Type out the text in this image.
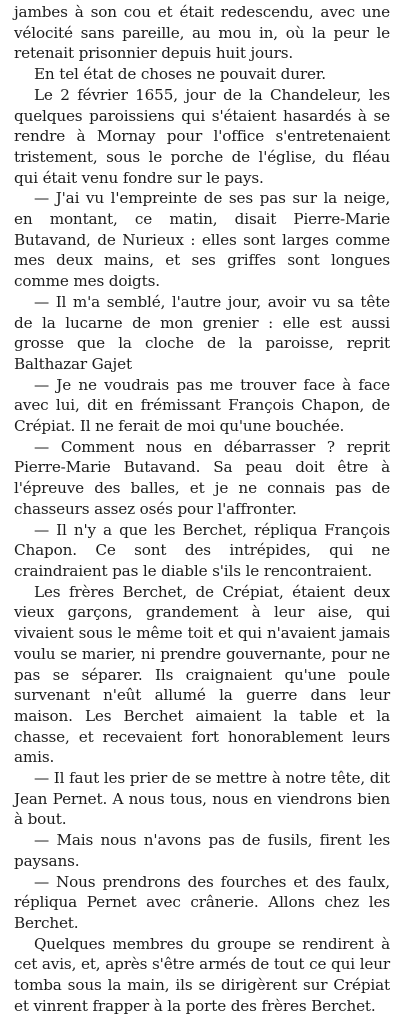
jambes à son cou et était redescendu, avec une vélocité sans pareille, au mou in, où la peur le retenait prisonnier depuis huit jours.

En tel état de choses ne pouvait durer.

Le 2 février 1655, jour de la Chandeleur, les quelques paroissiens qui s'étaient hasardés à se rendre à Mornay pour l'office s'entretenaient tristement, sous le porche de l'église, du fléau qui était venu fondre sur le pays.

— J'ai vu l'empreinte de ses pas sur la neige, en montant, ce matin, disait Pierre-Marie Butavand, de Nurieux : elles sont larges comme mes deux mains, et ses griffes sont longues comme mes doigts.

— Il m'a semblé, l'autre jour, avoir vu sa tête de la lucarne de mon grenier : elle est aussi grosse que la cloche de la paroisse, reprit Balthazar Gajet

— Je ne voudrais pas me trouver face à face avec lui, dit en frémissant François Chapon, de Crépiat. Il ne ferait de moi qu'une bouchée.

— Comment nous en débarrasser ? reprit Pierre-Marie Butavand. Sa peau doit être à l'épreuve des balles, et je ne connais pas de chasseurs assez osés pour l'affronter.

— Il n'y a que les Berchet, répliqua François Chapon. Ce sont des intrépides, qui ne craindraient pas le diable s'ils le rencontraient.

Les frères Berchet, de Crépiat, étaient deux vieux garçons, grandement à leur aise, qui vivaient sous le même toit et qui n'avaient jamais voulu se marier, ni prendre gouvernante, pour ne pas se séparer. Ils craignaient qu'une poule survenant n'eût allumé la guerre dans leur maison. Les Berchet aimaient la table et la chasse, et recevaient fort honorablement leurs amis.

— Il faut les prier de se mettre à notre tête, dit Jean Pernet. A nous tous, nous en viendrons bien à bout.

— Mais nous n'avons pas de fusils, firent les paysans.

— Nous prendrons des fourches et des faulx, répliqua Pernet avec crânerie. Allons chez les Berchet.

Quelques membres du groupe se rendirent à cet avis, et, après s'être armés de tout ce qui leur tomba sous la main, ils se dirigèrent sur Crépiat et vinrent frapper à la porte des frères Berchet.
